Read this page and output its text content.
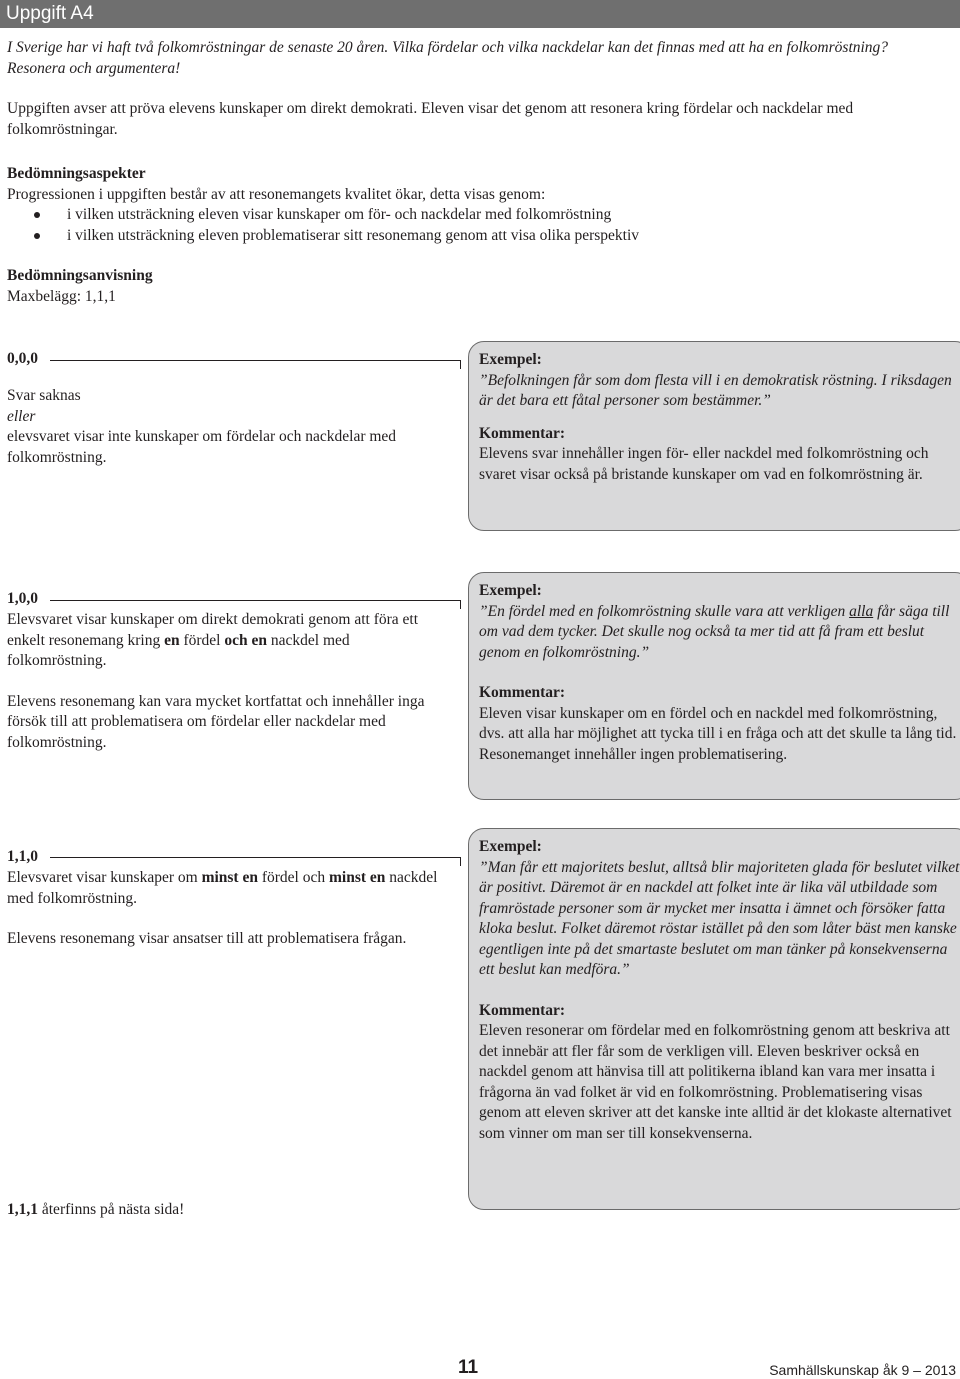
Uppgift A4

I Sverige har vi haft två folkomröstningar de senaste 20 åren. Vilka fördelar och vilka nackdelar kan det finnas med att ha en folkomröstning? Resonera och argumentera!

Uppgiften avser att pröva elevens kunskaper om direkt demokrati. Eleven visar det genom att resonera kring fördelar och nackdelar med folkomröstningar.

Bedömningsaspekter

Progressionen i uppgiften består av att resonemangets kvalitet ökar, detta visas genom:

i vilken utsträckning eleven visar kunskaper om för- och nackdelar med folkomröstning
i vilken utsträckning eleven problematiserar sitt resonemang genom att visa olika perspektiv

Bedömningsanvisning

Maxbelägg: 1,1,1

0,0,0

Svar saknas

eller

elevsvaret visar inte kunskaper om fördelar och nackdelar med folkomröstning.

Exempel:

”Befolkningen får som dom flesta vill i en demokratisk röstning. I riksdagen är det bara ett fåtal personer som bestämmer.”

Kommentar:

Elevens svar innehåller ingen för- eller nackdel med folkomröstning och svaret visar också på bristande kunskaper om vad en folkomröstning är.

1,0,0

Elevsvaret visar kunskaper om direkt demokrati genom att föra ett enkelt resonemang kring en fördel och en nackdel med folkomröstning.

Elevens resonemang kan vara mycket kortfattat och innehåller inga försök till att problematisera om fördelar eller nackdelar med folkomröstning.

Exempel:

”En fördel med en folkomröstning skulle vara att verkligen alla får säga till om vad dem tycker. Det skulle nog också ta mer tid att få fram ett beslut genom en folkomröstning.”

Kommentar:

Eleven visar kunskaper om en fördel och en nackdel med folkomröstning, dvs. att alla har möjlighet att tycka till i en fråga och att det skulle ta lång tid. Resonemanget innehåller ingen problematisering.

1,1,0

Elevsvaret visar kunskaper om minst en fördel och minst en nackdel med folkomröstning.

Elevens resonemang visar ansatser till att problematisera frågan.

Exempel:

”Man får ett majoritets beslut, alltså blir majoriteten glada för beslutet vilket är positivt. Däremot är en nackdel att folket inte är lika väl utbildade som framröstade personer som är mycket mer insatta i ämnet och försöker fatta kloka beslut. Folket däremot röstar istället på den som låter bäst men kanske egentligen inte på det smartaste beslutet om man tänker på konsekvenserna ett beslut kan medföra.”

Kommentar:

Eleven resonerar om fördelar med en folkomröstning genom att beskriva att det innebär att fler får som de verkligen vill. Eleven beskriver också en nackdel genom att hänvisa till att politikerna ibland kan vara mer insatta i frågorna än vad folket är vid en folkomröstning. Problematisering visas genom att eleven skriver att det kanske inte alltid är det klokaste alternativet som vinner om man ser till konsekvenserna.

1,1,1 återfinns på nästa sida!

11	Samhällskunskap åk 9 – 2013
